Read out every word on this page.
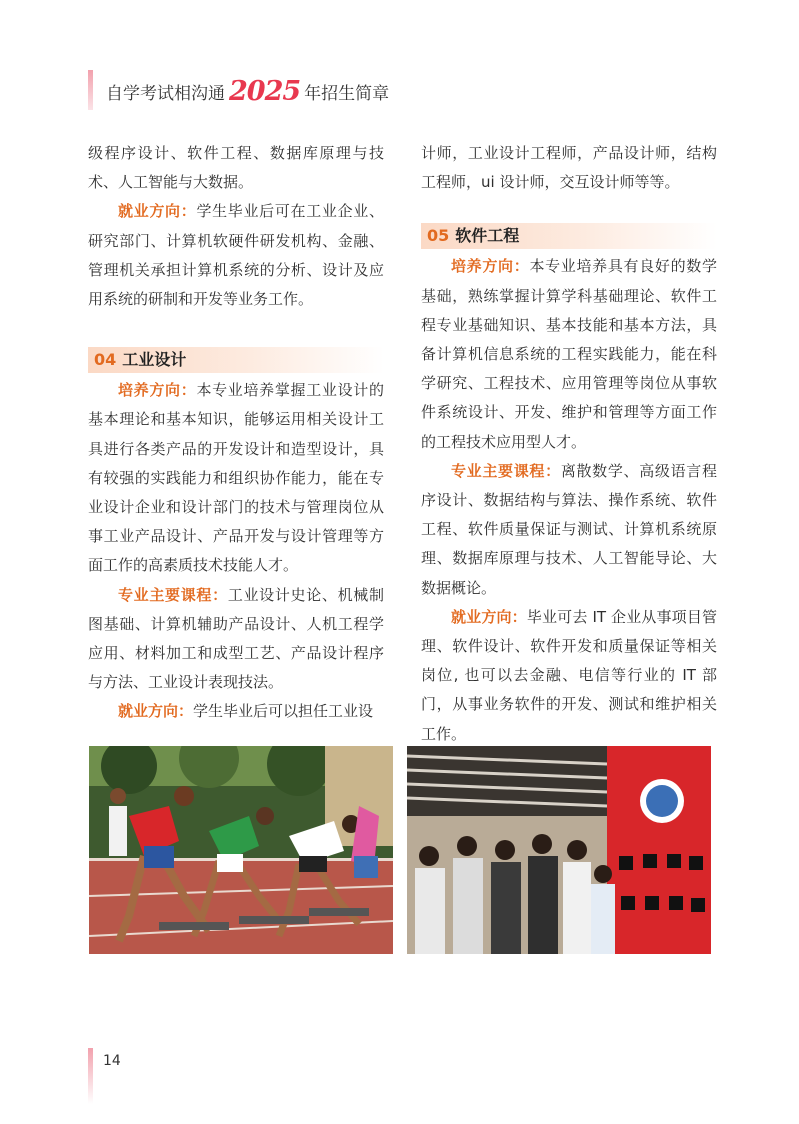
自学考试相沟通 2025 年招生简章

级程序设计、软件工程、数据库原理与技术、人工智能与大数据。

就业方向：学生毕业后可在工业企业、研究部门、计算机软硬件研发机构、金融、管理机关承担计算机系统的分析、设计及应用系统的研制和开发等业务工作。

04 工业设计

培养方向：本专业培养掌握工业设计的基本理论和基本知识，能够运用相关设计工具进行各类产品的开发设计和造型设计，具有较强的实践能力和组织协作能力，能在专业设计企业和设计部门的技术与管理岗位从事工业产品设计、产品开发与设计管理等方面工作的高素质技术技能人才。

专业主要课程：工业设计史论、机械制图基础、计算机辅助产品设计、人机工程学应用、材料加工和成型工艺、产品设计程序与方法、工业设计表现技法。

就业方向：学生毕业后可以担任工业设

计师，工业设计工程师，产品设计师，结构工程师，ui 设计师，交互设计师等等。

05 软件工程

培养方向：本专业培养具有良好的数学基础，熟练掌握计算学科基础理论、软件工程专业基础知识、基本技能和基本方法，具备计算机信息系统的工程实践能力，能在科学研究、工程技术、应用管理等岗位从事软件系统设计、开发、维护和管理等方面工作的工程技术应用型人才。

专业主要课程：离散数学、高级语言程序设计、数据结构与算法、操作系统、软件工程、软件质量保证与测试、计算机系统原理、数据库原理与技术、人工智能导论、大数据概论。

就业方向：毕业可去 IT 企业从事项目管理、软件设计、软件开发和质量保证等相关岗位, 也可以去金融、电信等行业的 IT 部门，从事业务软件的开发、测试和维护相关工作。

14
